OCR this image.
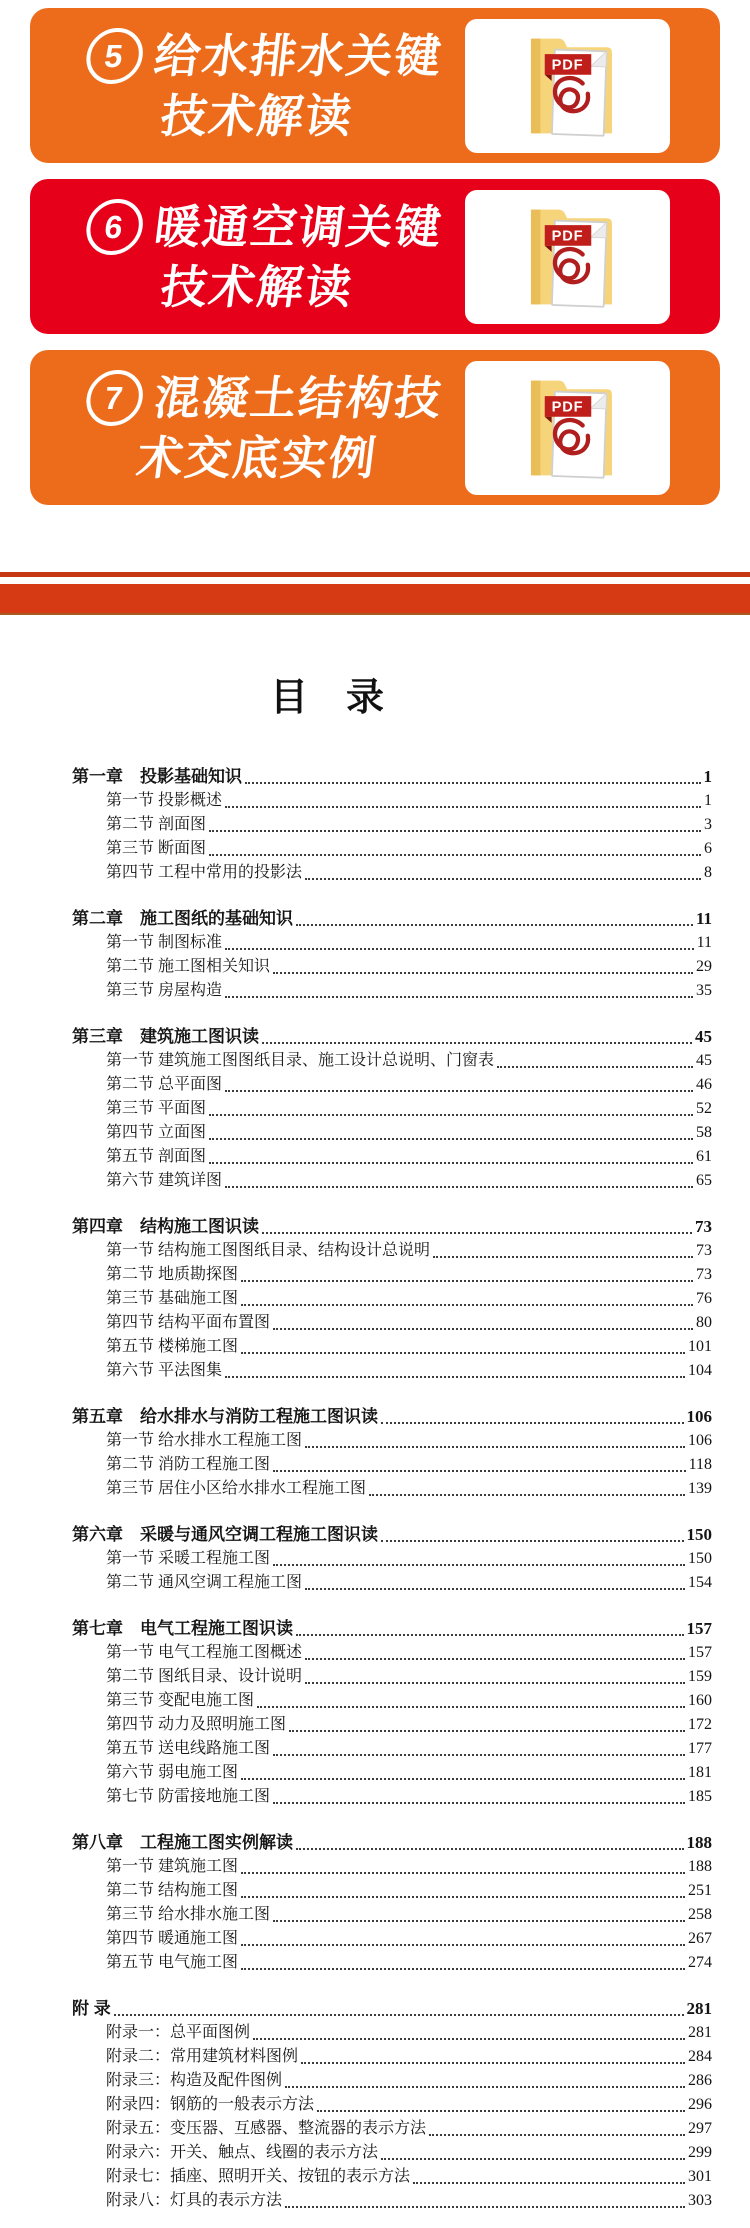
5 给水排水关键
技术解读
PDF
6 暖通空调关键
技术解读
PDF
7 混凝土结构技
术交底实例
PDF
目　录
第一章　投影基础知识	1
第一节 投影概述	1
第二节 剖面图	3
第三节 断面图	6
第四节 工程中常用的投影法	8
第二章　施工图纸的基础知识	11
第一节 制图标准	11
第二节 施工图相关知识	29
第三节 房屋构造	35
第三章　建筑施工图识读	45
第一节 建筑施工图图纸目录、施工设计总说明、门窗表	45
第二节 总平面图	46
第三节 平面图	52
第四节 立面图	58
第五节 剖面图	61
第六节 建筑详图	65
第四章　结构施工图识读	73
第一节 结构施工图图纸目录、结构设计总说明	73
第二节 地质勘探图	73
第三节 基础施工图	76
第四节 结构平面布置图	80
第五节 楼梯施工图	101
第六节 平法图集	104
第五章　给水排水与消防工程施工图识读	106
第一节 给水排水工程施工图	106
第二节 消防工程施工图	118
第三节 居住小区给水排水工程施工图	139
第六章　采暖与通风空调工程施工图识读	150
第一节 采暖工程施工图	150
第二节 通风空调工程施工图	154
第七章　电气工程施工图识读	157
第一节 电气工程施工图概述	157
第二节 图纸目录、设计说明	159
第三节 变配电施工图	160
第四节 动力及照明施工图	172
第五节 送电线路施工图	177
第六节 弱电施工图	181
第七节 防雷接地施工图	185
第八章　工程施工图实例解读	188
第一节 建筑施工图	188
第二节 结构施工图	251
第三节 给水排水施工图	258
第四节 暖通施工图	267
第五节 电气施工图	274
附 录	281
附录一：总平面图例	281
附录二：常用建筑材料图例	284
附录三：构造及配件图例	286
附录四：钢筋的一般表示方法	296
附录五：变压器、互感器、整流器的表示方法	297
附录六：开关、触点、线圈的表示方法	299
附录七：插座、照明开关、按钮的表示方法	301
附录八：灯具的表示方法	303
